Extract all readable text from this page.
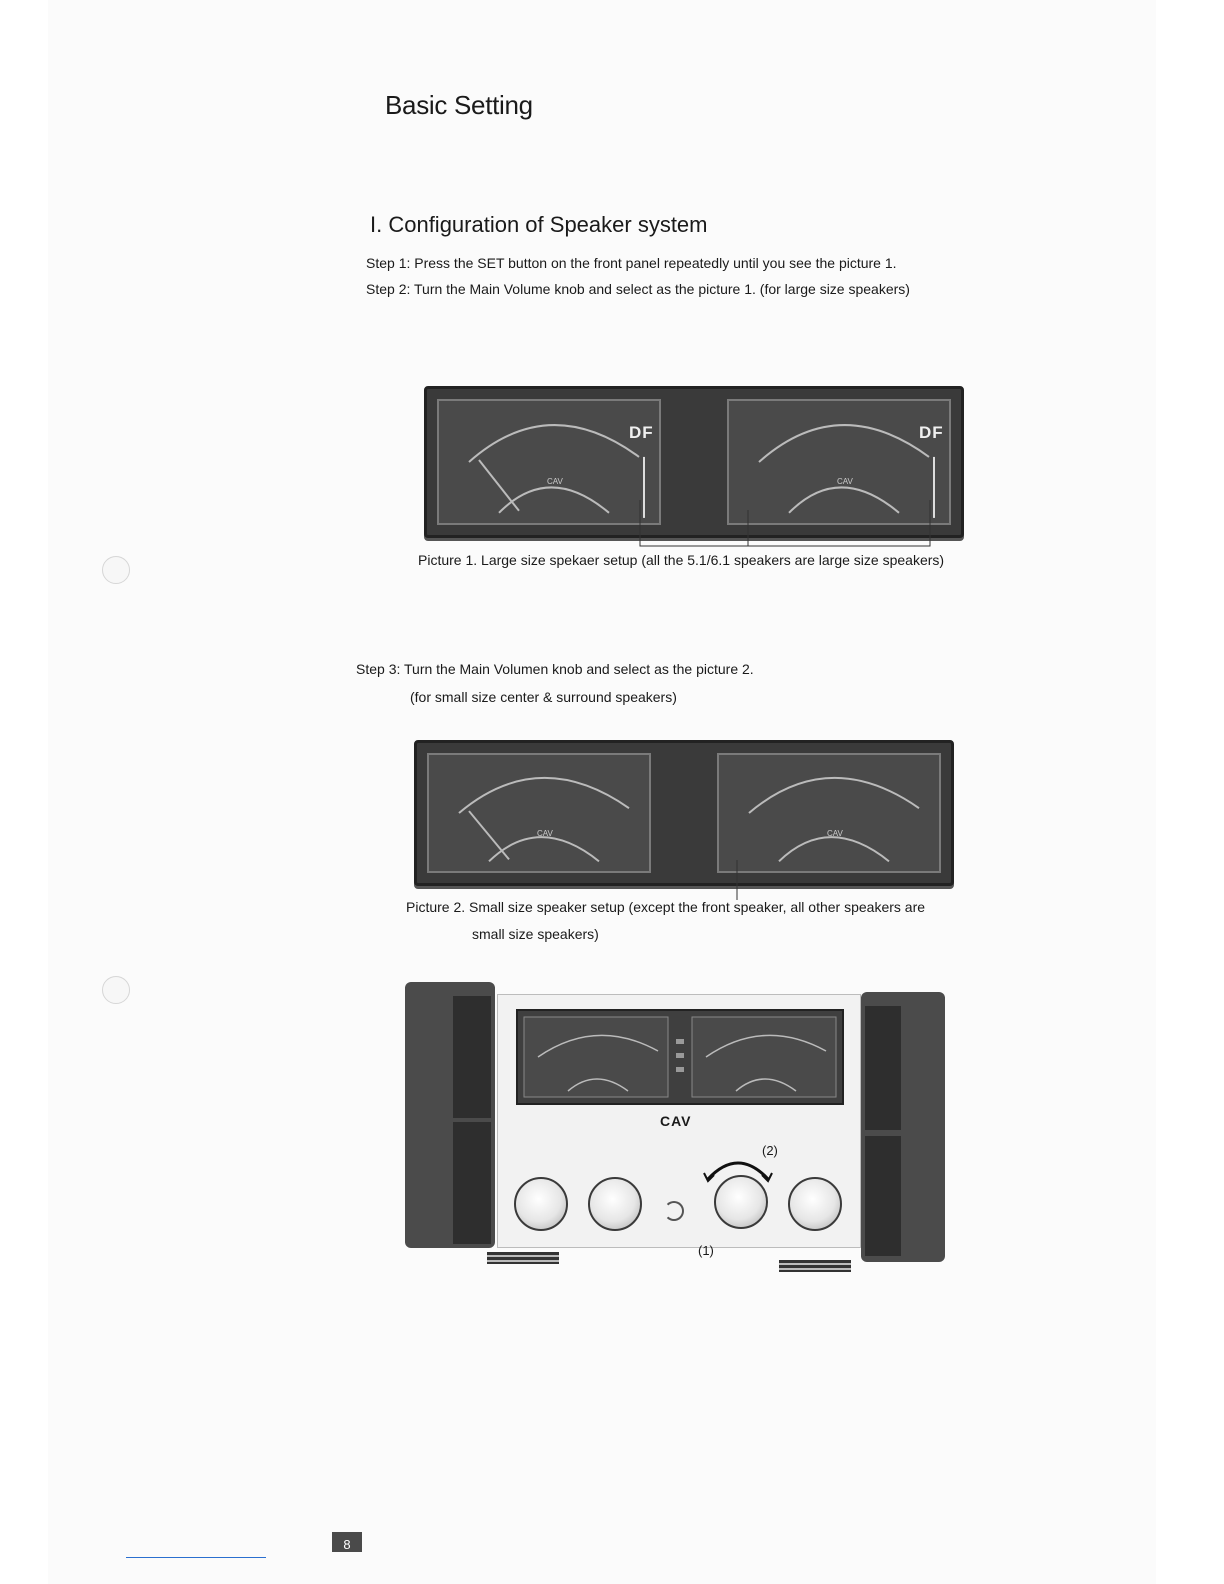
Basic Setting
I. Configuration of Speaker system
Step 1: Press the SET button on the front panel repeatedly until you see the picture 1.
Step 2: Turn the Main Volume knob and select as the picture 1. (for large size speakers)
CAV
DF
CAV
DF
Picture 1. Large size spekaer setup (all the 5.1/6.1 speakers are large size speakers)
Step 3: Turn the Main Volumen knob and select as the picture 2.
(for small size center & surround speakers)
CAV	CAV
Picture 2. Small size speaker setup (except the front speaker, all other speakers are
small size speakers)
CAV
(2)
(1)
8
